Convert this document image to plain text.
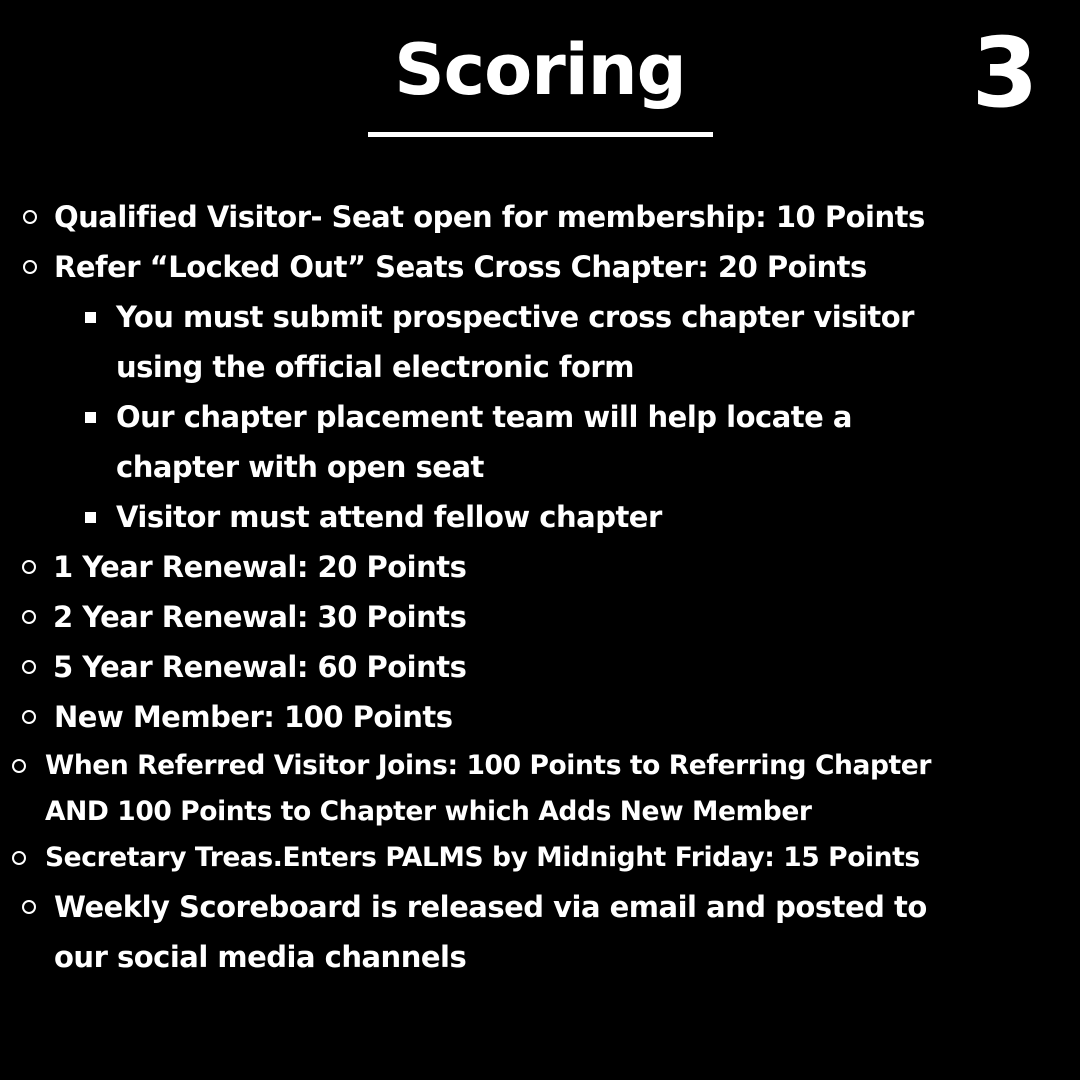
Scoring	3
Qualified Visitor- Seat open for membership: 10 Points
Refer “Locked Out” Seats Cross Chapter: 20 Points
You must submit prospective cross chapter visitor
using the official electronic form
Our chapter placement team will help locate a
chapter with open seat
Visitor must attend fellow chapter
1 Year Renewal: 20 Points
2 Year Renewal: 30 Points
5 Year Renewal: 60 Points
New Member: 100 Points
When Referred Visitor Joins: 100 Points to Referring Chapter
AND 100 Points to Chapter which Adds New Member
Secretary Treas.Enters PALMS by Midnight Friday: 15 Points
Weekly Scoreboard is released via email and posted to
our social media channels
